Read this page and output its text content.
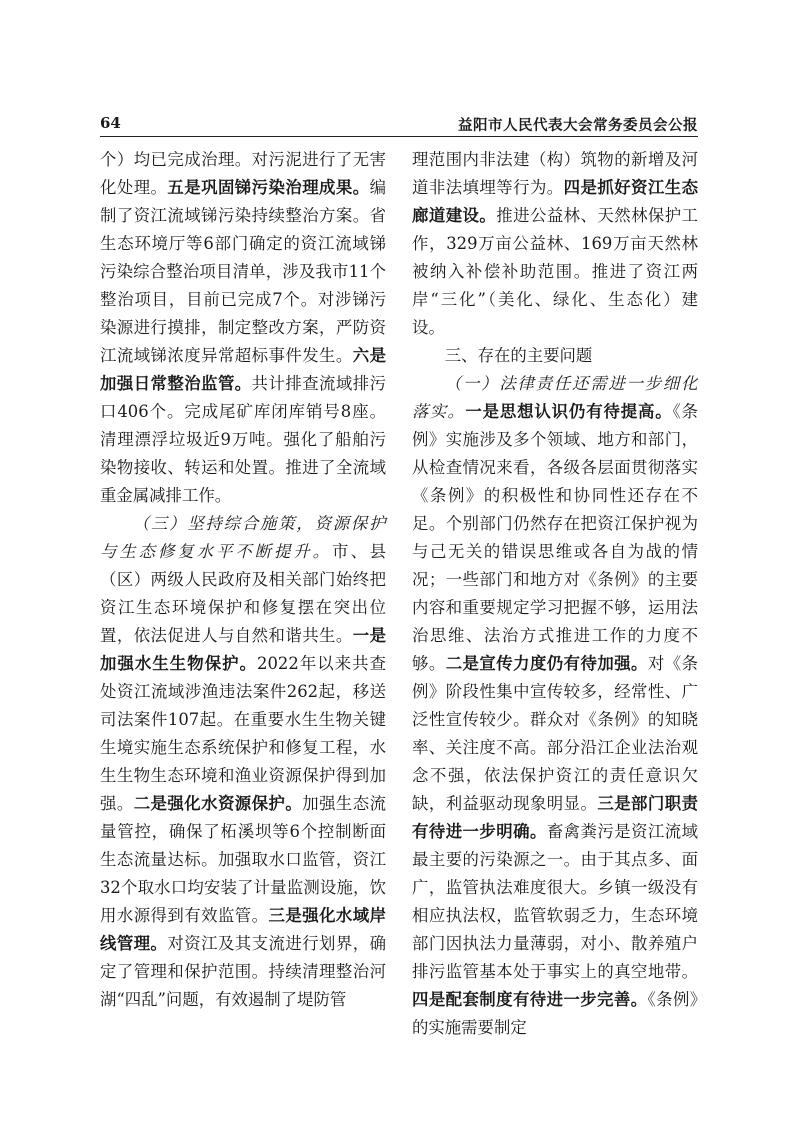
64	益阳市人民代表大会常务委员会公报

个）均已完成治理。对污泥进行了无害化处理。五是巩固锑污染治理成果。编制了资江流域锑污染持续整治方案。省生态环境厅等6部门确定的资江流域锑污染综合整治项目清单，涉及我市11个整治项目，目前已完成7个。对涉锑污染源进行摸排，制定整改方案，严防资江流域锑浓度异常超标事件发生。六是加强日常整治监管。共计排查流域排污口406个。完成尾矿库闭库销号8座。清理漂浮垃圾近9万吨。强化了船舶污染物接收、转运和处置。推进了全流域重金属减排工作。

（三）坚持综合施策，资源保护与生态修复水平不断提升。市、县（区）两级人民政府及相关部门始终把资江生态环境保护和修复摆在突出位置，依法促进人与自然和谐共生。一是加强水生生物保护。2022年以来共查处资江流域涉渔违法案件262起，移送司法案件107起。在重要水生生物关键生境实施生态系统保护和修复工程，水生生物生态环境和渔业资源保护得到加强。二是强化水资源保护。加强生态流量管控，确保了柘溪坝等6个控制断面生态流量达标。加强取水口监管，资江32个取水口均安装了计量监测设施，饮用水源得到有效监管。三是强化水域岸线管理。对资江及其支流进行划界，确定了管理和保护范围。持续清理整治河湖“四乱”问题，有效遏制了堤防管

理范围内非法建（构）筑物的新增及河道非法填埋等行为。四是抓好资江生态廊道建设。推进公益林、天然林保护工作，329万亩公益林、169万亩天然林被纳入补偿补助范围。推进了资江两岸“三化”（美化、绿化、生态化）建设。

三、存在的主要问题

（一）法律责任还需进一步细化落实。一是思想认识仍有待提高。《条例》实施涉及多个领域、地方和部门，从检查情况来看，各级各层面贯彻落实《条例》的积极性和协同性还存在不足。个别部门仍然存在把资江保护视为与己无关的错误思维或各自为战的情况；一些部门和地方对《条例》的主要内容和重要规定学习把握不够，运用法治思维、法治方式推进工作的力度不够。二是宣传力度仍有待加强。对《条例》阶段性集中宣传较多，经常性、广泛性宣传较少。群众对《条例》的知晓率、关注度不高。部分沿江企业法治观念不强，依法保护资江的责任意识欠缺，利益驱动现象明显。三是部门职责有待进一步明确。畜禽粪污是资江流域最主要的污染源之一。由于其点多、面广，监管执法难度很大。乡镇一级没有相应执法权，监管软弱乏力，生态环境部门因执法力量薄弱，对小、散养殖户排污监管基本处于事实上的真空地带。四是配套制度有待进一步完善。《条例》的实施需要制定
